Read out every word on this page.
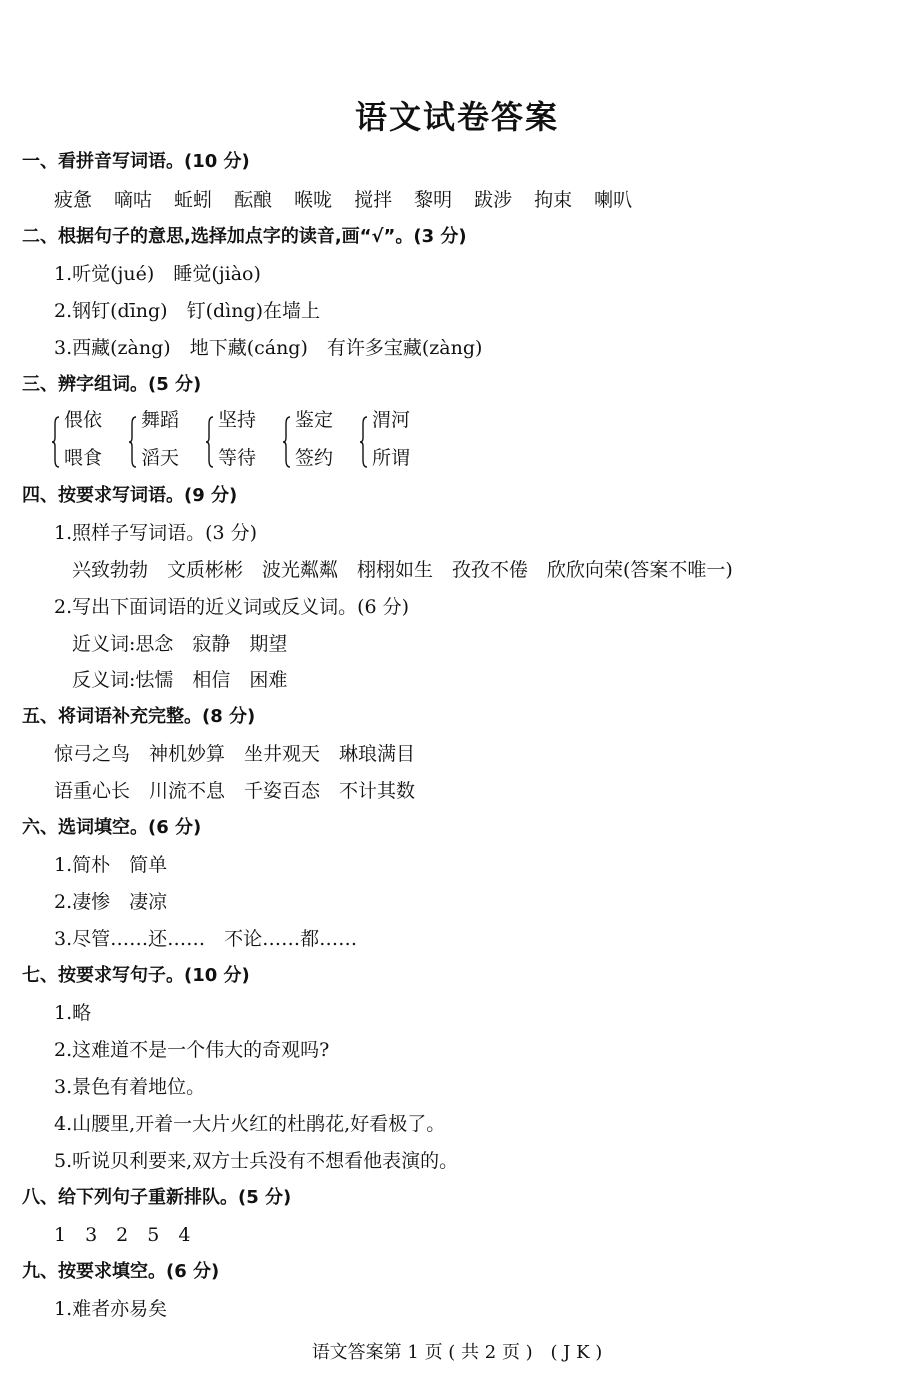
语文试卷答案
一、看拼音写词语。(10 分)
疲惫 嘀咕 蚯蚓 酝酿 喉咙 搅拌 黎明 跋涉 拘束 喇叭
二、根据句子的意思,选择加点字的读音,画“√”。(3 分)
1.听觉(jué)　睡觉(jiào)
2.钢钉(dīng)　钉(dìng)在墙上
3.西藏(zàng)　地下藏(cáng)　有许多宝藏(zàng)
三、辨字组词。(5 分)
偎依
喂食
舞蹈
滔天
坚持
等待
鉴定
签约
渭河
所谓
四、按要求写词语。(9 分)
1.照样子写词语。(3 分)
兴致勃勃　文质彬彬　波光粼粼　栩栩如生　孜孜不倦　欣欣向荣(答案不唯一)
2.写出下面词语的近义词或反义词。(6 分)
近义词:思念　寂静　期望
反义词:怯懦　相信　困难
五、将词语补充完整。(8 分)
惊弓之鸟　神机妙算　坐井观天　琳琅满目
语重心长　川流不息　千姿百态　不计其数
六、选词填空。(6 分)
1.简朴　简单
2.凄惨　凄凉
3.尽管……还……　不论……都……
七、按要求写句子。(10 分)
1.略
2.这难道不是一个伟大的奇观吗?
3.景色有着地位。
4.山腰里,开着一大片火红的杜鹃花,好看极了。
5.听说贝利要来,双方士兵没有不想看他表演的。
八、给下列句子重新排队。(5 分)
1　3　2　5　4
九、按要求填空。(6 分)
1.难者亦易矣
语文答案第 1 页 ( 共 2 页 ) ( J K )
